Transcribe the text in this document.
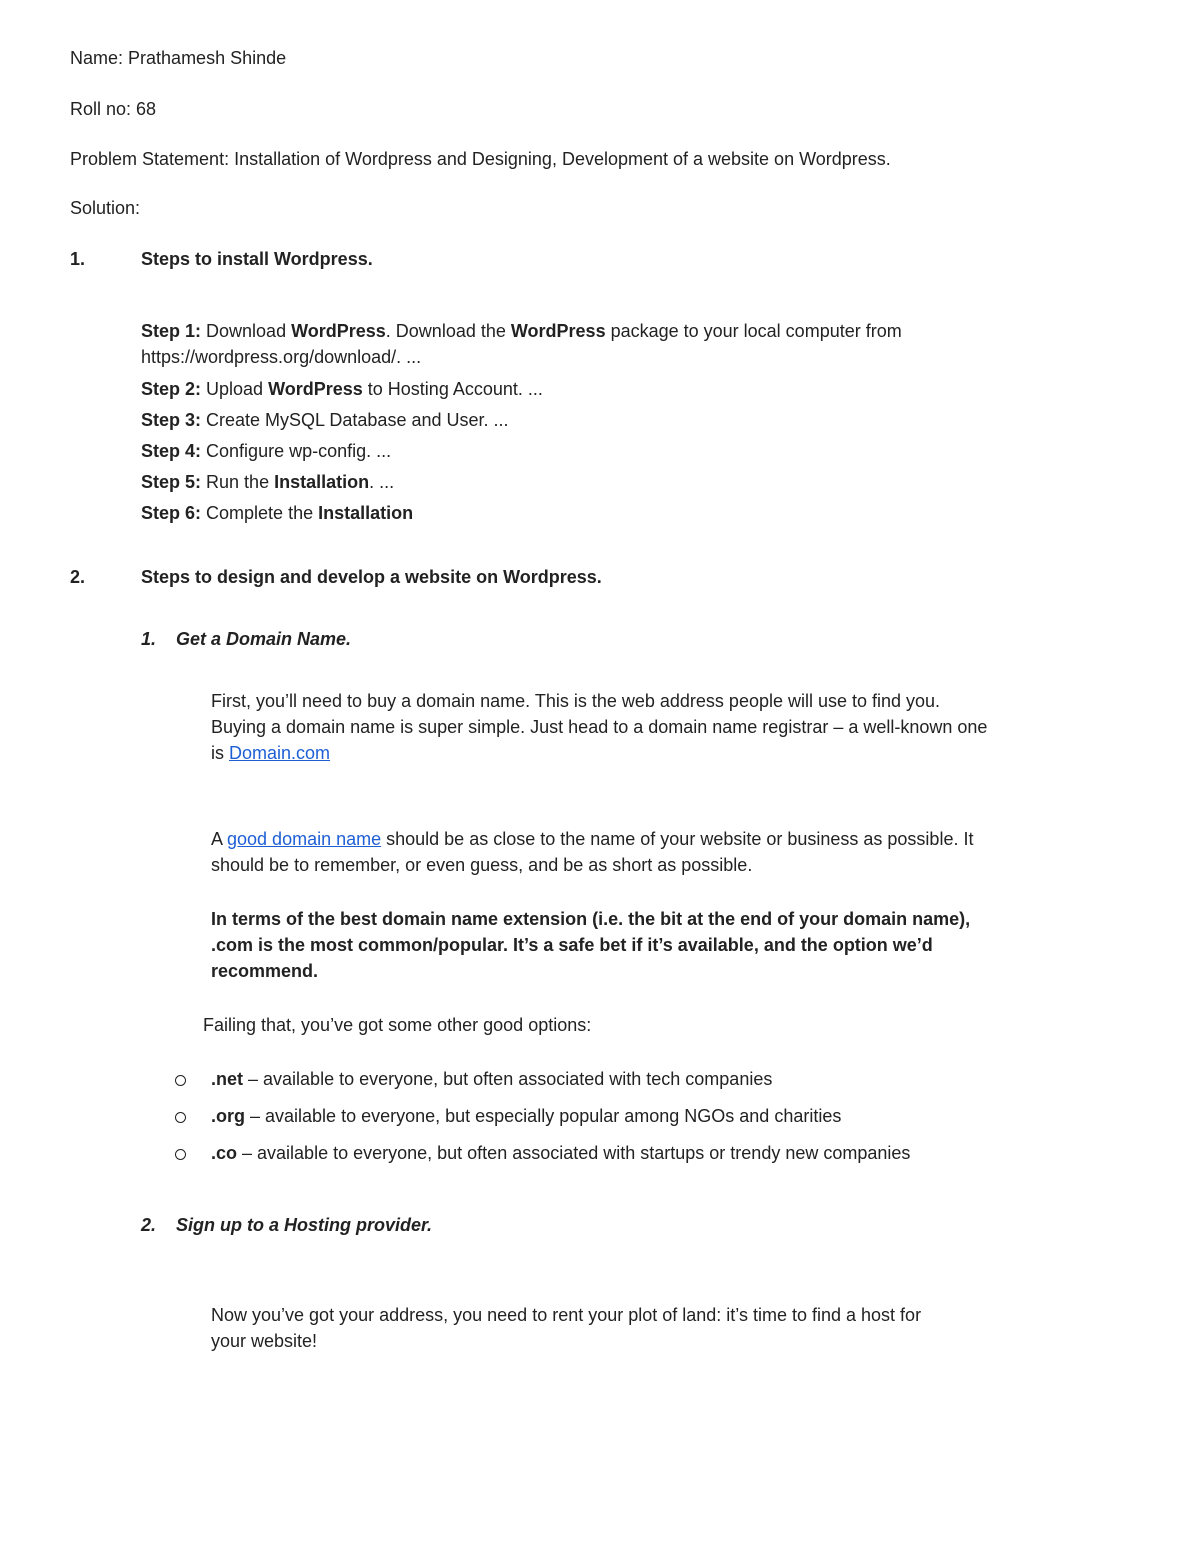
Name: Prathamesh Shinde
Roll no: 68
Problem Statement: Installation of Wordpress and Designing, Development of a website on Wordpress.
Solution:
1.	Steps to install Wordpress.
Step 1: Download WordPress. Download the WordPress package to your local computer from
https://wordpress.org/download/. ...
Step 2: Upload WordPress to Hosting Account. ...
Step 3: Create MySQL Database and User. ...
Step 4: Configure wp-config. ...
Step 5: Run the Installation. ...
Step 6: Complete the Installation
2.	Steps to design and develop a website on Wordpress.
1. Get a Domain Name.
First, you’ll need to buy a domain name. This is the web address people will use to find you.
Buying a domain name is super simple. Just head to a domain name registrar – a well-known one
is Domain.com
A good domain name should be as close to the name of your website or business as possible. It
should be to remember, or even guess, and be as short as possible.
In terms of the best domain name extension (i.e. the bit at the end of your domain name),
.com is the most common/popular. It’s a safe bet if it’s available, and the option we’d
recommend.
Failing that, you’ve got some other good options:
.net – available to everyone, but often associated with tech companies
.org – available to everyone, but especially popular among NGOs and charities
.co – available to everyone, but often associated with startups or trendy new companies
2. Sign up to a Hosting provider.
Now you’ve got your address, you need to rent your plot of land: it’s time to find a host for
your website!
